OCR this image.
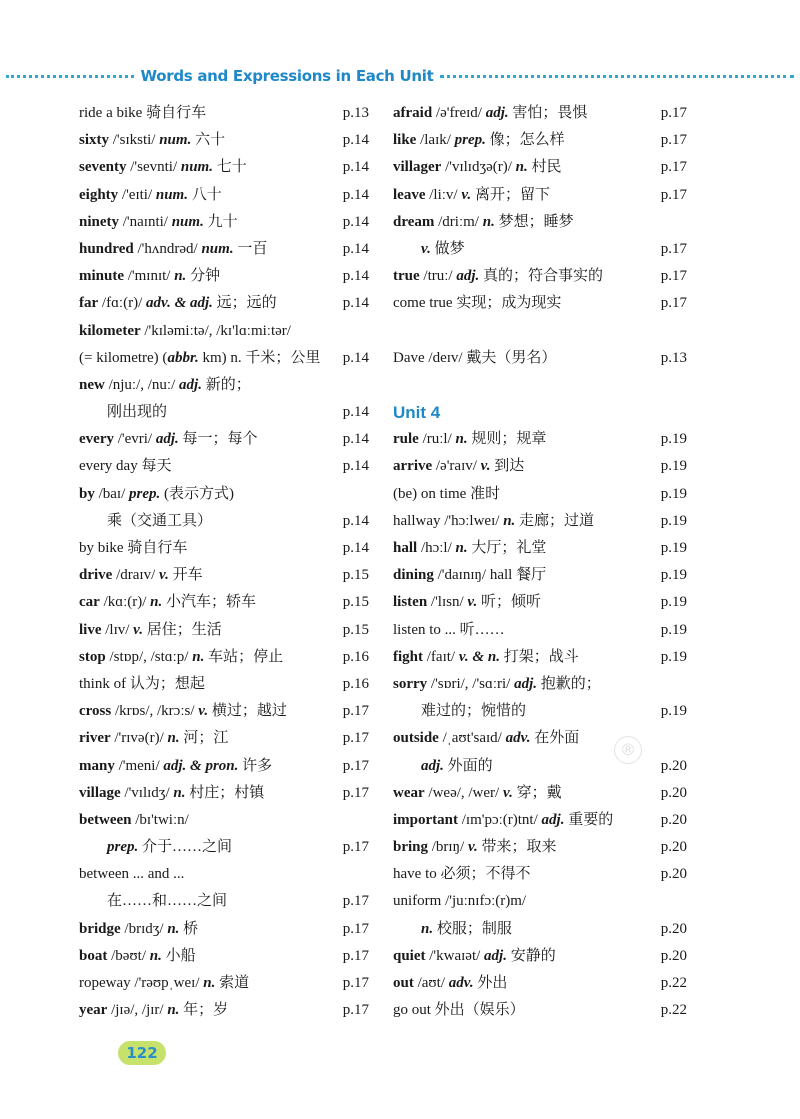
Words and Expressions in Each Unit
ride a bike 骑自行车	p.13
sixty /'sɪksti/ num. 六十	p.14
seventy /'sevnti/ num. 七十	p.14
eighty /'eɪti/ num. 八十	p.14
ninety /'naɪnti/ num. 九十	p.14
hundred /'hʌndrəd/ num. 一百	p.14
minute /'mɪnɪt/ n. 分钟	p.14
far /fɑː(r)/ adv. & adj. 远；远的	p.14
kilometer /'kɪləmiːtə/, /kɪ'lɑːmiːtər/
(= kilometre) (abbr. km) n. 千米；公里 p.14
new /njuː/, /nuː/ adj. 新的；
刚出现的	p.14
every /'evri/ adj. 每一；每个	p.14
every day 每天	p.14
by /baɪ/ prep. (表示方式)
乘（交通工具）	p.14
by bike 骑自行车	p.14
drive /draɪv/ v. 开车	p.15
car /kɑː(r)/ n. 小汽车；轿车	p.15
live /lɪv/ v. 居住；生活	p.15
stop /stɒp/, /stɑːp/ n. 车站；停止	p.16
think of 认为；想起	p.16
cross /krɒs/, /krɔːs/ v. 横过；越过	p.17
river /'rɪvə(r)/ n. 河；江	p.17
many /'meni/ adj. & pron. 许多	p.17
village /'vɪlɪdʒ/ n. 村庄；村镇	p.17
between /bɪ'twiːn/
prep. 介于……之间	p.17
between ... and ...
在……和……之间	p.17
bridge /brɪdʒ/ n. 桥	p.17
boat /bəʊt/ n. 小船	p.17
ropeway /'rəʊpˌweɪ/ n. 索道	p.17
year /jɪə/, /jɪr/ n. 年；岁	p.17
afraid /ə'freɪd/ adj. 害怕；畏惧	p.17
like /laɪk/ prep. 像；怎么样	p.17
villager /'vɪlɪdʒə(r)/ n. 村民	p.17
leave /liːv/ v. 离开；留下	p.17
dream /driːm/ n. 梦想；睡梦
v. 做梦	p.17
true /truː/ adj. 真的；符合事实的	p.17
come true 实现；成为现实	p.17
Dave /deɪv/ 戴夫（男名）	p.13
Unit 4
rule /ruːl/ n. 规则；规章	p.19
arrive /ə'raɪv/ v. 到达	p.19
(be) on time 准时	p.19
hallway /'hɔːlweɪ/ n. 走廊；过道	p.19
hall /hɔːl/ n. 大厅；礼堂	p.19
dining /'daɪnɪŋ/ hall 餐厅	p.19
listen /'lɪsn/ v. 听；倾听	p.19
listen to ... 听……	p.19
fight /faɪt/ v. & n. 打架；战斗	p.19
sorry /'sɒri/, /'sɑːri/ adj. 抱歉的；
难过的；惋惜的	p.19
outside /ˌaʊt'saɪd/ adv. 在外面
adj. 外面的	p.20
wear /weə/, /wer/ v. 穿；戴	p.20
important /ɪm'pɔː(r)tnt/ adj. 重要的	p.20
bring /brɪŋ/ v. 带来；取来	p.20
have to 必须；不得不	p.20
uniform /'juːnɪfɔː(r)m/
n. 校服；制服	p.20
quiet /'kwaɪət/ adj. 安静的	p.20
out /aʊt/ adv. 外出	p.22
go out 外出（娱乐）	p.22
®
122
